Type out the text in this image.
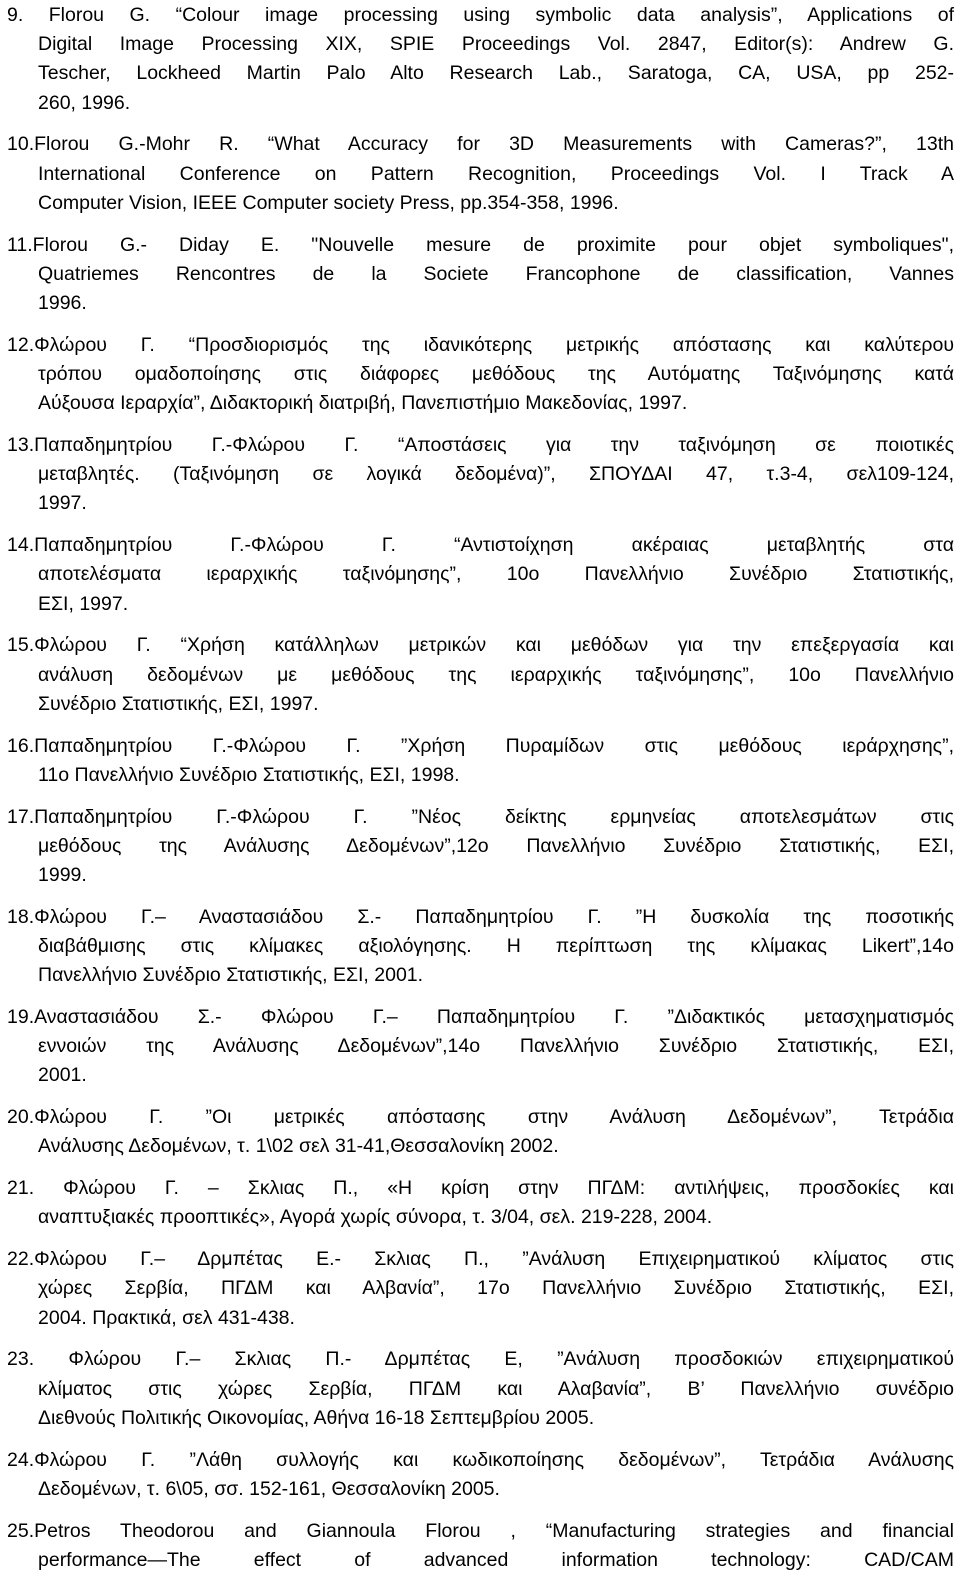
9. Florou G. “Colour image processing using symbolic data analysis”, Applications of
Digital Image Processing XIX, SPIE Proceedings Vol. 2847, Editor(s): Andrew G.
Tescher, Lockheed Martin Palo Alto Research Lab., Saratoga, CA, USA, pp 252-
260, 1996.
10.Florou G.-Mohr R. “What Accuracy for 3D Measurements with Cameras?”, 13th
International Conference on Pattern Recognition, Proceedings Vol. I Track A
Computer Vision, IEEE Computer society Press, pp.354-358, 1996.
11.Florou G.- Diday E. "Nouvelle mesure de proximite pour objet symboliques",
Quatriemes Rencontres de la Societe Francophone de classification, Vannes
1996.
12.Φλώρου Γ. “Προσδιορισμός της ιδανικότερης μετρικής απόστασης και καλύτερου
τρόπου ομαδοποίησης στις διάφορες μεθόδους της Αυτόματης Ταξινόμησης κατά
Αύξουσα Ιεραρχία”, Διδακτορική διατριβή, Πανεπιστήμιο Μακεδονίας, 1997.
13.Παπαδημητρίου Γ.-Φλώρου Γ. “Αποστάσεις για την ταξινόμηση σε ποιοτικές
μεταβλητές. (Ταξινόμηση σε λογικά δεδομένα)”, ΣΠΟΥΔΑΙ 47, τ.3-4, σελ109-124,
1997.
14.Παπαδημητρίου Γ.-Φλώρου Γ. “Αντιστοίχηση ακέραιας μεταβλητής στα
αποτελέσματα ιεραρχικής ταξινόμησης”, 10ο Πανελλήνιο Συνέδριο Στατιστικής,
ΕΣΙ, 1997.
15.Φλώρου Γ. “Χρήση κατάλληλων μετρικών και μεθόδων για την επεξεργασία και
ανάλυση δεδομένων με μεθόδους της ιεραρχικής ταξινόμησης”, 10ο Πανελλήνιο
Συνέδριο Στατιστικής, ΕΣΙ, 1997.
16.Παπαδημητρίου Γ.-Φλώρου Γ. ”Χρήση Πυραμίδων στις μεθόδους ιεράρχησης”,
11ο Πανελλήνιο Συνέδριο Στατιστικής, ΕΣΙ, 1998.
17.Παπαδημητρίου Γ.-Φλώρου Γ. ”Νέος δείκτης ερμηνείας αποτελεσμάτων στις
μεθόδους της Ανάλυσης Δεδομένων”,12ο Πανελλήνιο Συνέδριο Στατιστικής, ΕΣΙ,
1999.
18.Φλώρου Γ.– Αναστασιάδου Σ.- Παπαδημητρίου Γ. ”Η δυσκολία της ποσοτικής
διαβάθμισης στις κλίμακες αξιολόγησης. Η περίπτωση της κλίμακας Likert”,14ο
Πανελλήνιο Συνέδριο Στατιστικής, ΕΣΙ, 2001.
19.Αναστασιάδου Σ.- Φλώρου Γ.– Παπαδημητρίου Γ. ”Διδακτικός μετασχηματισμός
εννοιών της Ανάλυσης Δεδομένων”,14ο Πανελλήνιο Συνέδριο Στατιστικής, ΕΣΙ,
2001.
20.Φλώρου Γ. ”Οι μετρικές απόστασης στην Ανάλυση Δεδομένων”, Τετράδια
Ανάλυσης Δεδομένων, τ. 1\02 σελ 31-41,Θεσσαλονίκη 2002.
21. Φλώρου Γ. – Σκλιας Π., «Η κρίση στην ΠΓΔΜ: αντιλήψεις, προσδοκίες και
αναπτυξιακές προοπτικές», Αγορά χωρίς σύνορα, τ. 3/04, σελ. 219-228, 2004.
22.Φλώρου Γ.– Δρμπέτας Ε.- Σκλιας Π., ”Ανάλυση Επιχειρηματικού κλίματος στις
χώρες Σερβία, ΠΓΔΜ και Αλβανία”, 17ο Πανελλήνιο Συνέδριο Στατιστικής, ΕΣΙ,
2004. Πρακτικά, σελ 431-438.
23. Φλώρου Γ.– Σκλιας Π.- Δρμπέτας Ε, ”Ανάλυση προσδοκιών επιχειρηματικού
κλίματος στις χώρες Σερβία, ΠΓΔΜ και Αλαβανία”, Β’ Πανελλήνιο συνέδριο
Διεθνούς Πολιτικής Οικονομίας, Αθήνα 16-18 Σεπτεμβρίου 2005.
24.Φλώρου Γ. ”Λάθη συλλογής και κωδικοποίησης δεδομένων”, Τετράδια Ανάλυσης
Δεδομένων, τ. 6\05, σσ. 152-161, Θεσσαλονίκη 2005.
25.Petros Theodorou and Giannoula Florou , “Manufacturing strategies and financial
performance—The effect of advanced information technology: CAD/CAM
